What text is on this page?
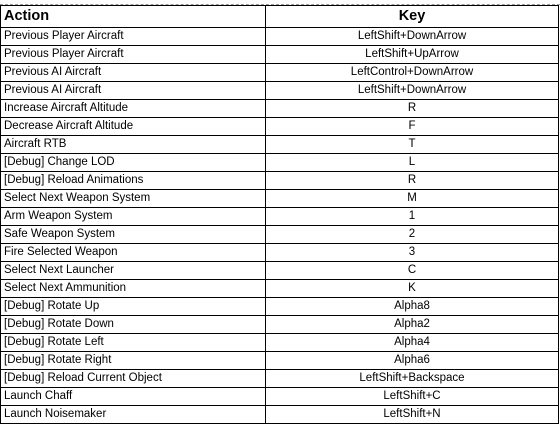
Action	Key
Previous Player Aircraft	LeftShift+DownArrow
Previous Player Aircraft	LeftShift+UpArrow
Previous AI Aircraft	LeftControl+DownArrow
Previous AI Aircraft	LeftShift+DownArrow
Increase Aircraft Altitude	R
Decrease Aircraft Altitude	F
Aircraft RTB	T
[Debug] Change LOD	L
[Debug] Reload Animations	R
Select Next Weapon System	M
Arm Weapon System	1
Safe Weapon System	2
Fire Selected Weapon	3
Select Next Launcher	C
Select Next Ammunition	K
[Debug] Rotate Up	Alpha8
[Debug] Rotate Down	Alpha2
[Debug] Rotate Left	Alpha4
[Debug] Rotate Right	Alpha6
[Debug] Reload Current Object	LeftShift+Backspace
Launch Chaff	LeftShift+C
Launch Noisemaker	LeftShift+N
